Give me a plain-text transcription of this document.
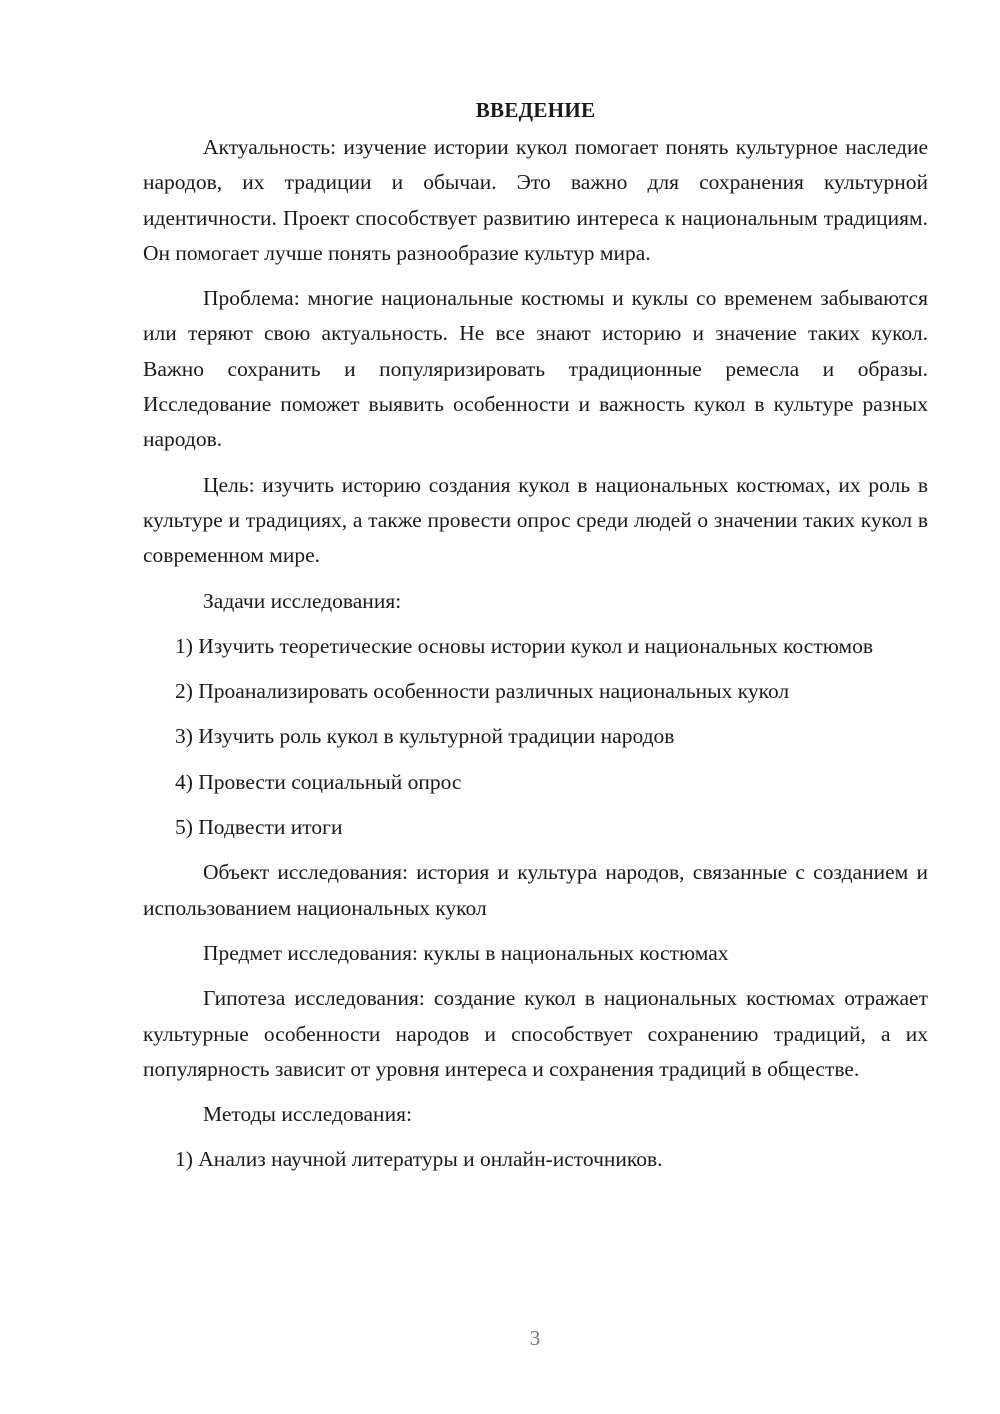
ВВЕДЕНИЕ

Актуальность: изучение истории кукол помогает понять культурное наследие народов, их традиции и обычаи. Это важно для сохранения культурной идентичности. Проект способствует развитию интереса к национальным традициям. Он помогает лучше понять разнообразие культур мира.

Проблема: многие национальные костюмы и куклы со временем забываются или теряют свою актуальность. Не все знают историю и значение таких кукол. Важно сохранить и популяризировать традиционные ремесла и образы. Исследование поможет выявить особенности и важность кукол в культуре разных народов.

Цель: изучить историю создания кукол в национальных костюмах, их роль в культуре и традициях, а также провести опрос среди людей о значении таких кукол в современном мире.

Задачи исследования:

1) Изучить теоретические основы истории кукол и национальных костюмов

2) Проанализировать особенности различных национальных кукол

3) Изучить роль кукол в культурной традиции народов

4) Провести социальный опрос

5) Подвести итоги

Объект исследования: история и культура народов, связанные с созданием и использованием национальных кукол

Предмет исследования: куклы в национальных костюмах

Гипотеза исследования: создание кукол в национальных костюмах отражает культурные особенности народов и способствует сохранению традиций, а их популярность зависит от уровня интереса и сохранения традиций в обществе.

Методы исследования:

1) Анализ научной литературы и онлайн-источников.

3
